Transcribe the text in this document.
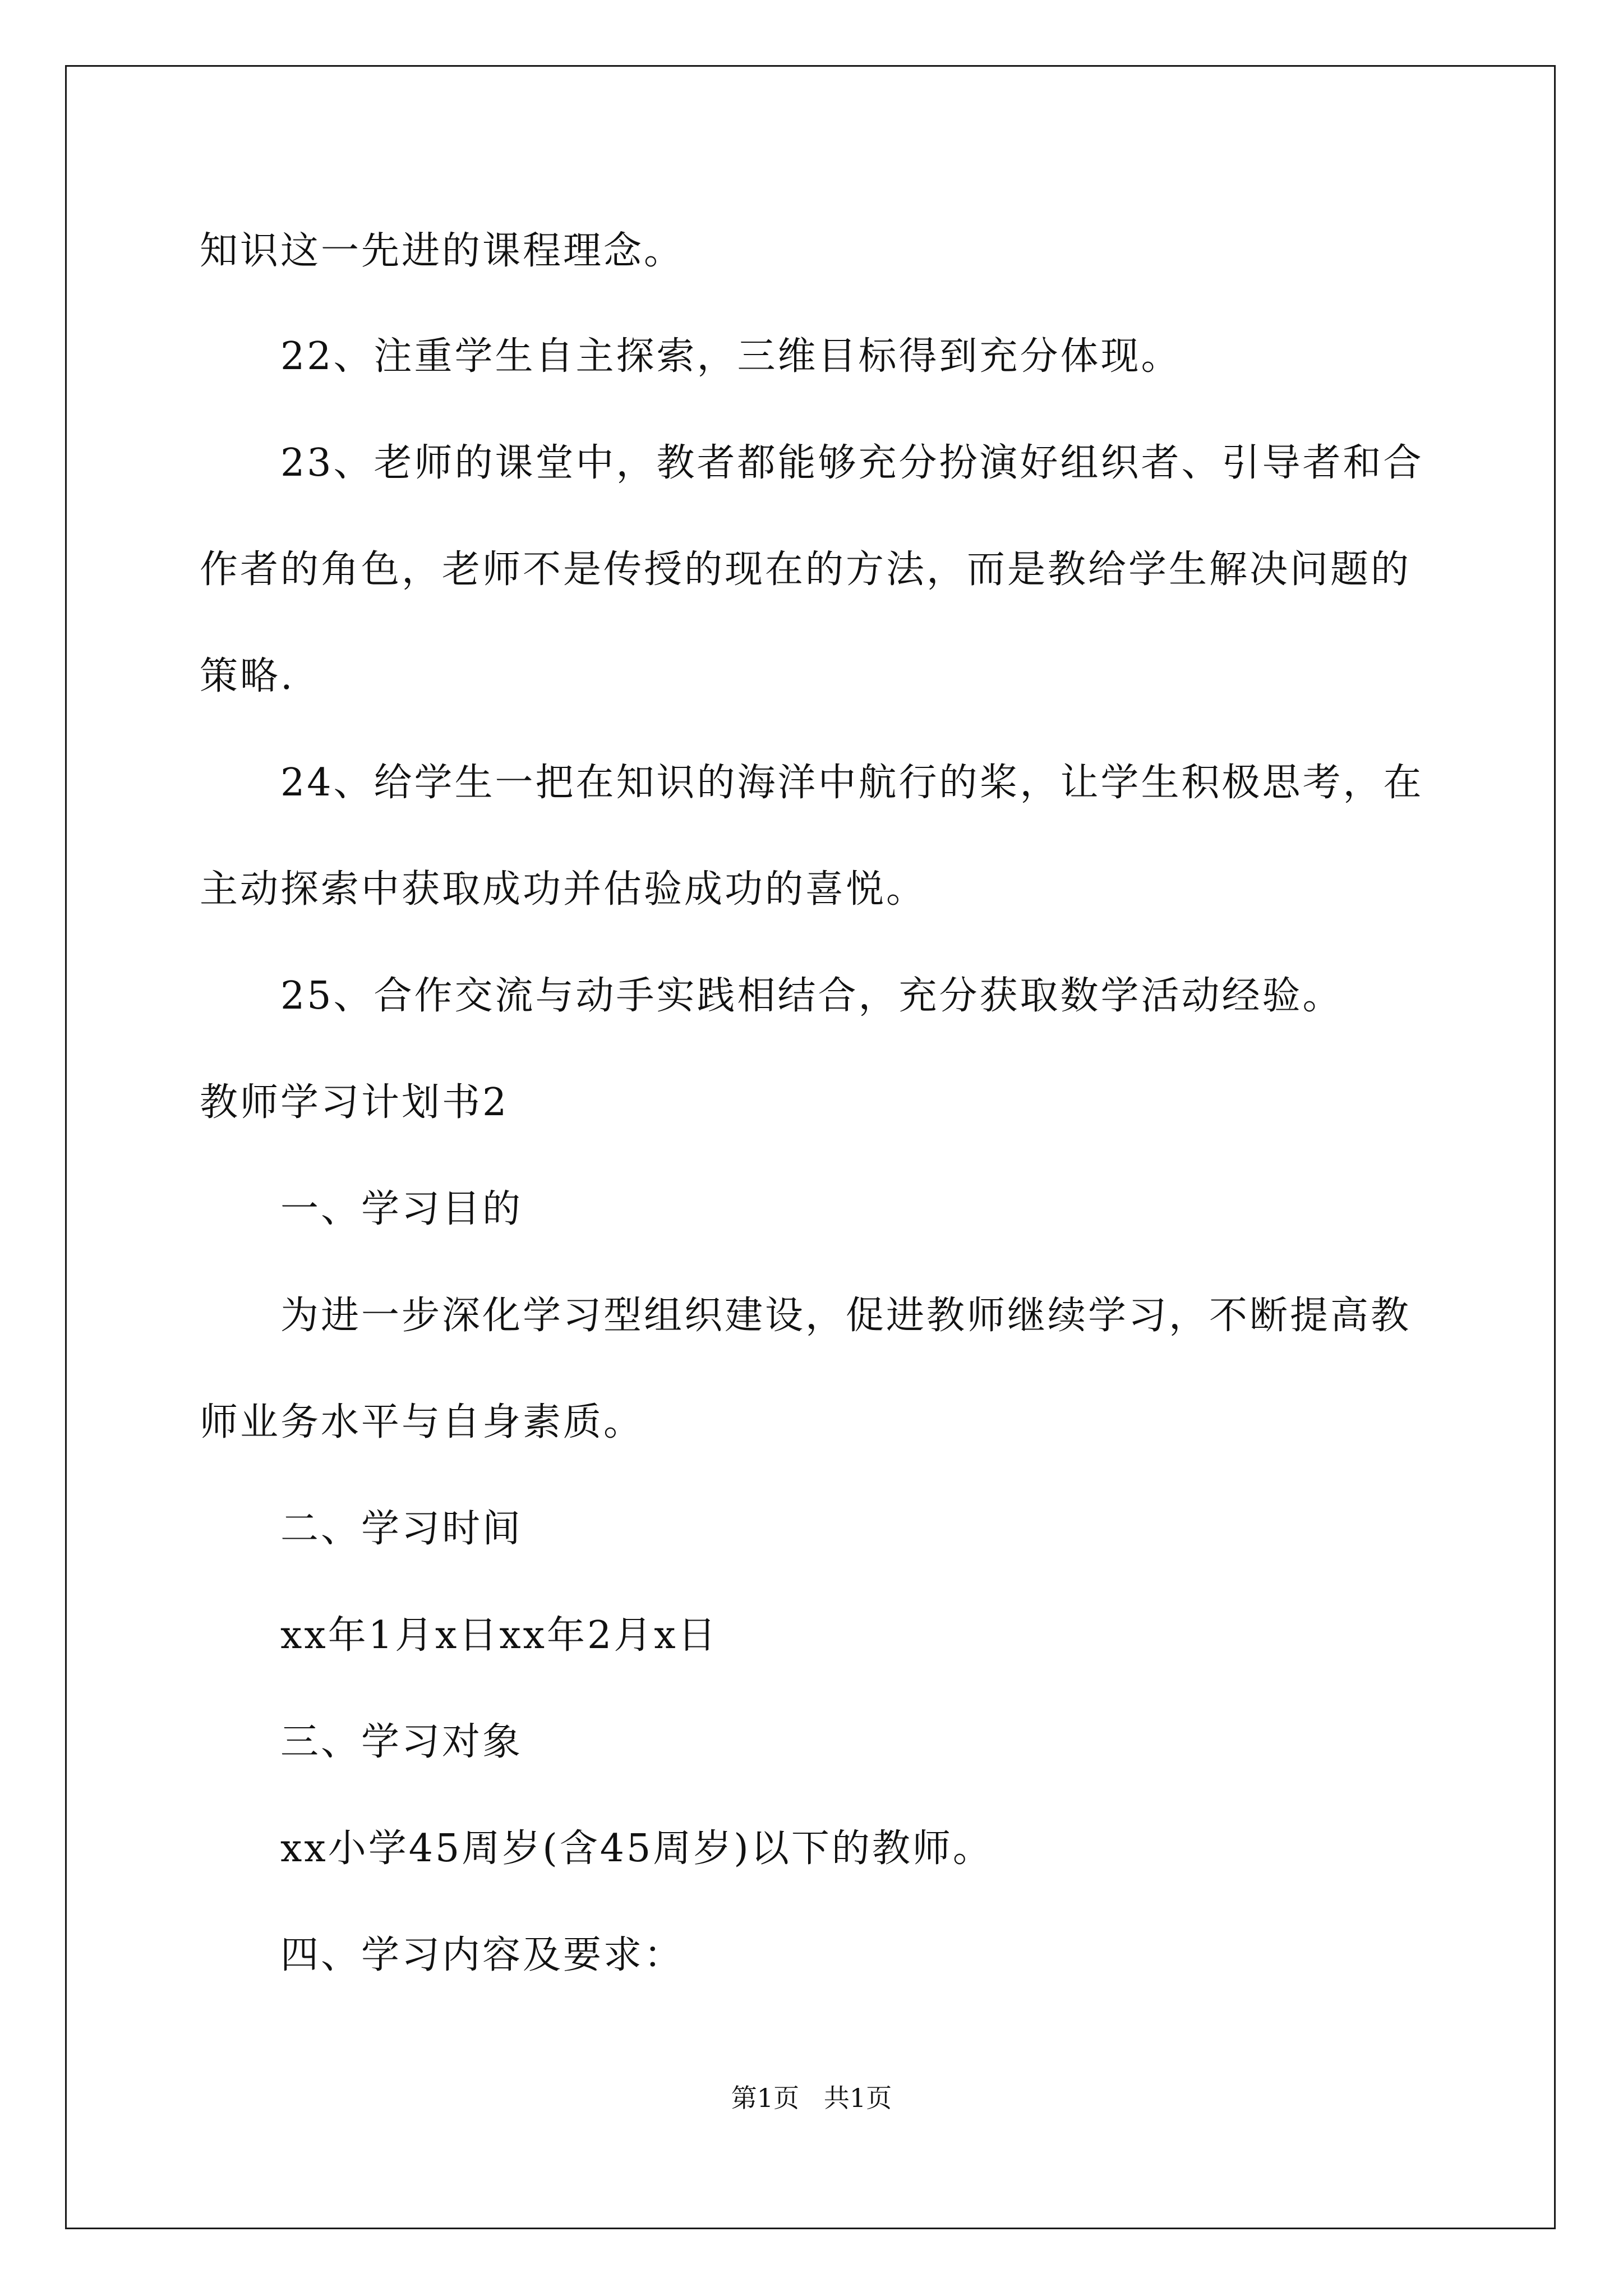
知识这一先进的课程理念。
22、注重学生自主探索，三维目标得到充分体现。
23、老师的课堂中，教者都能够充分扮演好组织者、引导者和合
作者的角色，老师不是传授的现在的方法，而是教给学生解决问题的
策略.
24、给学生一把在知识的海洋中航行的桨，让学生积极思考，在
主动探索中获取成功并估验成功的喜悦。
25、合作交流与动手实践相结合，充分获取数学活动经验。
教师学习计划书2
一、学习目的
为进一步深化学习型组织建设，促进教师继续学习，不断提高教
师业务水平与自身素质。
二、学习时间
xx年1月x日xx年2月x日
三、学习对象
xx小学45周岁(含45周岁)以下的教师。
四、学习内容及要求：
第1页   共1页
